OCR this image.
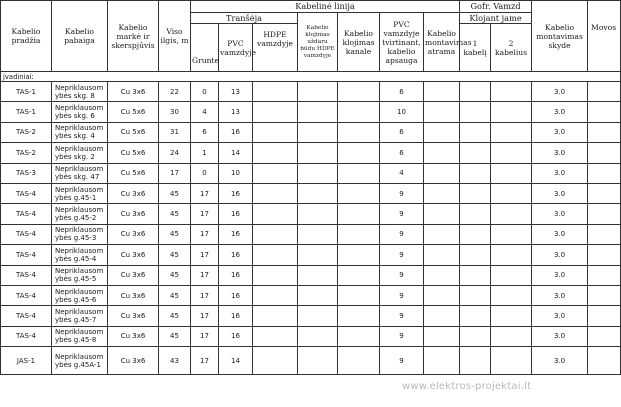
Kabelio pradžia	Kabelio pabaiga	Kabelio markė ir skerspjūvis	Viso ilgis, m	Kabelinė linija							Gofr. Vamzd		Kabelio montavimas skyde	Movos
				Tranšėja			Kabelio klojimas uždaru būdu HDPE vamzdyje	Kabelio klojimas kanale	PVC vamzdyje tvirtinant, kabelio apsauga	Kabelio montavimas atrama	Klojant jame			
				Grunte	PVC vamzdyje	HDPE vamzdyje					1 kabelį	2 kabelius		
jvadiniai:														
TAS-1	Nepriklausom ybės skg. 8	Cu 3x6	22	0	13				6				3.0	
TAS-1	Nepriklausom ybės skg. 6	Cu 5x6	30	4	13				10				3.0	
TAS-2	Nepriklausom ybės skg. 4	Cu 5x6	31	6	16				6				3.0	
TAS-2	Nepriklausom ybės skg. 2	Cu 5x6	24	1	14				6				3.0	
TAS-3	Nepriklausom ybės skg. 47	Cu 5x6	17	0	10				4				3.0	
TAS-4	Nepriklausom ybės g.45-1	Cu 3x6	45	17	16				9				3.0	
TAS-4	Nepriklausom ybės g.45-2	Cu 3x6	45	17	16				9				3.0	
TAS-4	Nepriklausom ybės g.45-3	Cu 3x6	45	17	16				9				3.0	
TAS-4	Nepriklausom ybės g.45-4	Cu 3x6	45	17	16				9				3.0	
TAS-4	Nepriklausom ybės g.45-5	Cu 3x6	45	17	16				9				3.0	
TAS-4	Nepriklausom ybės g.45-6	Cu 3x6	45	17	16				9				3.0	
TAS-4	Nepriklausom ybės g.45-7	Cu 3x6	45	17	16				9				3.0	
TAS-4	Nepriklausom ybės g.45-8	Cu 3x6	45	17	16				9				3.0	
JAS-1	Nepriklausom ybės g.45A-1	Cu 3x6	43	17	14				9				3.0	
www.elektros-projektai.lt
